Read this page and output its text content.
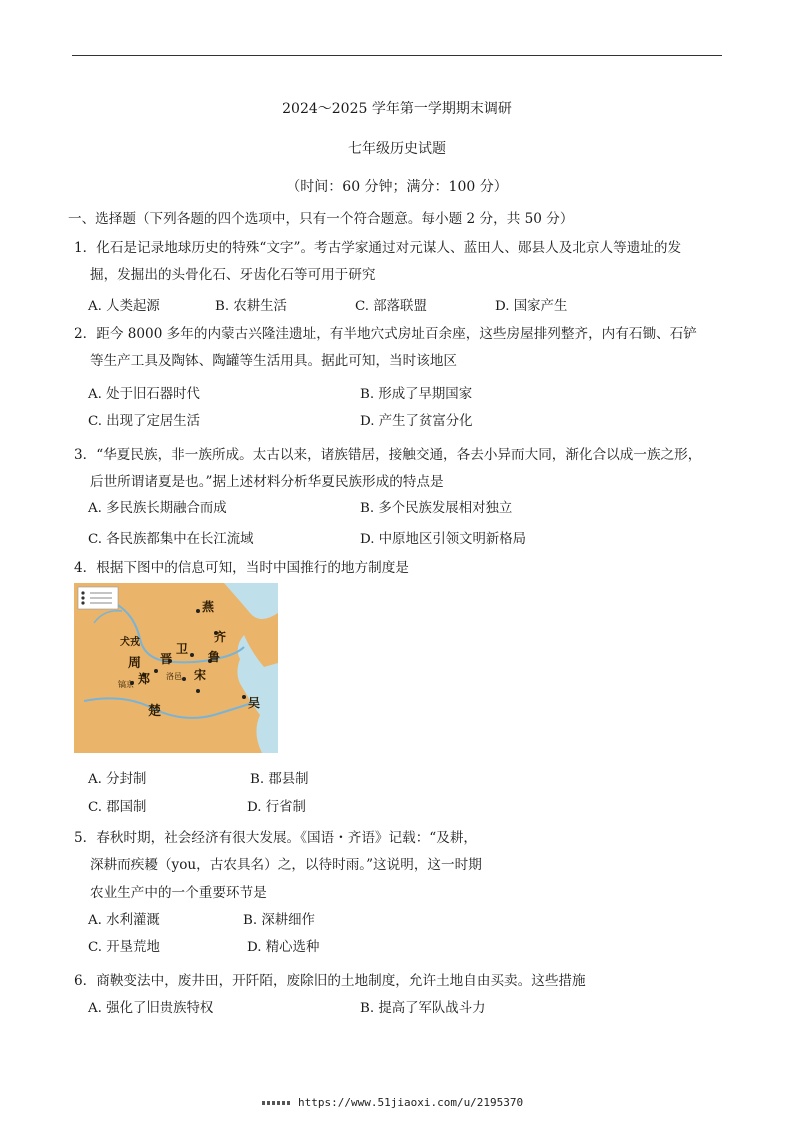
2024～2025 学年第一学期期末调研
七年级历史试题
（时间：60 分钟；满分：100 分）
一、选择题（下列各题的四个选项中，只有一个符合题意。每小题 2 分，共 50 分）
1．化石是记录地球历史的特殊“文字”。考古学家通过对元谋人、蓝田人、郧县人及北京人等遗址的发
掘，发掘出的头骨化石、牙齿化石等可用于研究
A. 人类起源	B. 农耕生活	C. 部落联盟	D. 国家产生
2．距今 8000 多年的内蒙古兴隆洼遗址，有半地穴式房址百余座，这些房屋排列整齐，内有石锄、石铲
等生产工具及陶钵、陶罐等生活用具。据此可知，当时该地区
A. 处于旧石器时代	B. 形成了早期国家
C. 出现了定居生活	D. 产生了贫富分化
3．“华夏民族，非一族所成。太古以来，诸族错居，接触交通，各去小异而大同，渐化合以成一族之形，
后世所谓诸夏是也。”据上述材料分析华夏民族形成的特点是
A. 多民族长期融合而成	B. 多个民族发展相对独立
C. 各民族都集中在长江流域	D. 中原地区引领文明新格局
4．根据下图中的信息可知，当时中国推行的地方制度是
燕
齐
鲁
卫
晋
宋
周
郑
犬戎
洛邑
镐京
楚
吴
A. 分封制	B. 郡县制
C. 郡国制	D. 行省制
5．春秋时期，社会经济有很大发展。《国语・齐语》记载：“及耕，
深耕而疾耰（you，古农具名）之，以待时雨。”这说明，这一时期
农业生产中的一个重要环节是
A. 水利灌溉	B. 深耕细作
C. 开垦荒地	D. 精心选种
6．商鞅变法中，废井田，开阡陌，废除旧的土地制度，允许土地自由买卖。这些措施
A. 强化了旧贵族特权	B. 提高了军队战斗力
https://www.51jiaoxi.com/u/2195370
